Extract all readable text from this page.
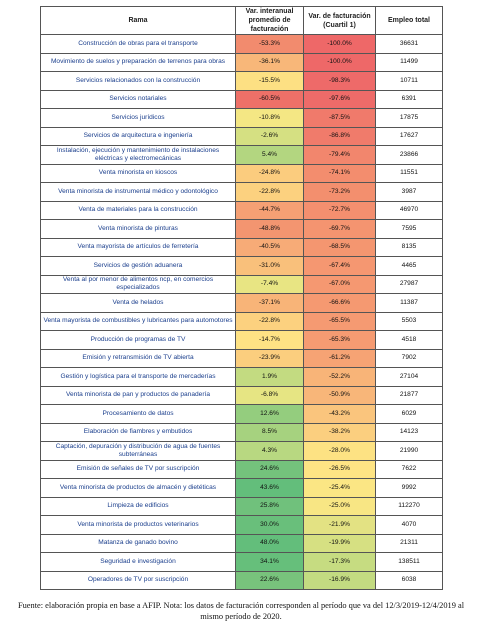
Rama	Var. interanual promedio de facturación	Var. de facturación (Cuartil 1)	Empleo total
Construcción de obras para el transporte	-53.3%	-100.0%	36631
Movimiento de suelos y preparación de terrenos para obras	-36.1%	-100.0%	11499
Servicios relacionados con la construcción	-15.5%	-98.3%	10711
Servicios notariales	-60.5%	-97.6%	6391
Servicios jurídicos	-10.8%	-87.5%	17875
Servicios de arquitectura e ingeniería	-2.6%	-86.8%	17627
Instalación, ejecución y mantenimiento de instalaciones eléctricas y electromecánicas	5.4%	-79.4%	23866
Venta minorista en kioscos	-24.8%	-74.1%	11551
Venta minorista de instrumental médico y odontológico	-22.8%	-73.2%	3987
Venta de materiales para la construcción	-44.7%	-72.7%	46970
Venta minorista de pinturas	-48.8%	-69.7%	7595
Venta mayorista de artículos de ferretería	-40.5%	-68.5%	8135
Servicios de gestión aduanera	-31.0%	-67.4%	4465
Venta al por menor de alimentos ncp, en comercios especializados	-7.4%	-67.0%	27987
Venta de helados	-37.1%	-66.6%	11387
Venta mayorista de combustibles y lubricantes para automotores	-22.8%	-65.5%	5503
Producción de programas de TV	-14.7%	-65.3%	4518
Emisión y retransmisión de TV abierta	-23.9%	-61.2%	7902
Gestión y logística para el transporte de mercaderías	1.9%	-52.2%	27104
Venta minorista de pan y productos de panadería	-6.8%	-50.9%	21877
Procesamiento de datos	12.6%	-43.2%	6029
Elaboración de fiambres y embutidos	8.5%	-38.2%	14123
Captación, depuración y distribución de agua de fuentes subterráneas	4.3%	-28.0%	21990
Emisión de señales de TV por suscripción	24.6%	-26.5%	7622
Venta minorista de productos de almacén y dietéticas	43.6%	-25.4%	9992
Limpieza de edificios	25.8%	-25.0%	112270
Venta minorista de productos veterinarios	30.0%	-21.9%	4070
Matanza de ganado bovino	48.0%	-19.9%	21311
Seguridad e investigación	34.1%	-17.3%	138511
Operadores de TV por suscripción	22.6%	-16.9%	6038
Fuente: elaboración propia en base a AFIP. Nota: los datos de facturación corresponden al período que va del 12/3/2019-12/4/2019 al mismo período de 2020.
